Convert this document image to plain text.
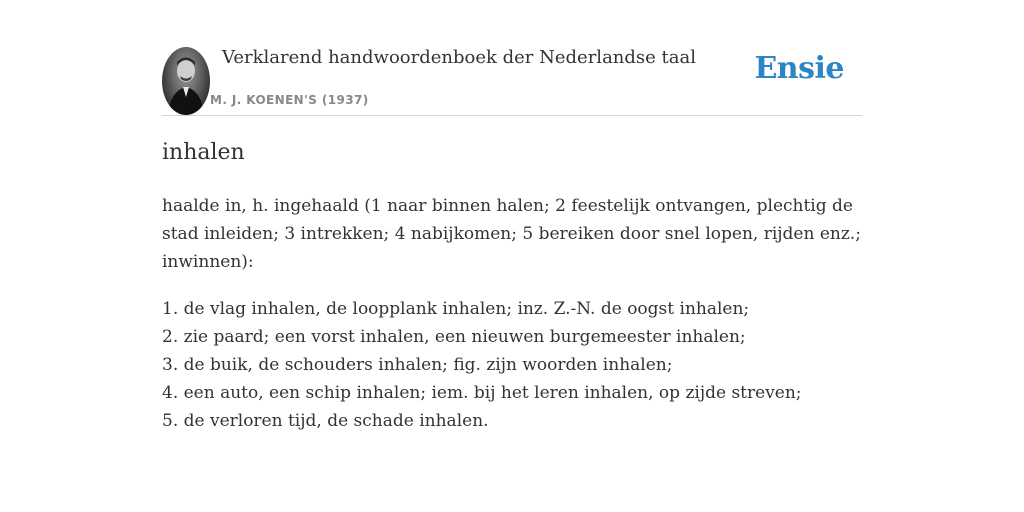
Verklarend handwoordenboek der Nederlandse taal
M. J. KOENEN'S (1937)
Ensie
inhalen

haalde in, h. ingehaald (1 naar binnen halen; 2 feestelijk ontvangen, plechtig de stad inleiden; 3 intrekken; 4 nabijkomen; 5 bereiken door snel lopen, rijden enz.; inwinnen):

1. de vlag inhalen, de loopplank inhalen; inz. Z.-N. de oogst inhalen;
2. zie paard; een vorst inhalen, een nieuwen burgemeester inhalen;
3. de buik, de schouders inhalen; fig. zijn woorden inhalen;
4. een auto, een schip inhalen; iem. bij het leren inhalen, op zijde streven;
5. de verloren tijd, de schade inhalen.
